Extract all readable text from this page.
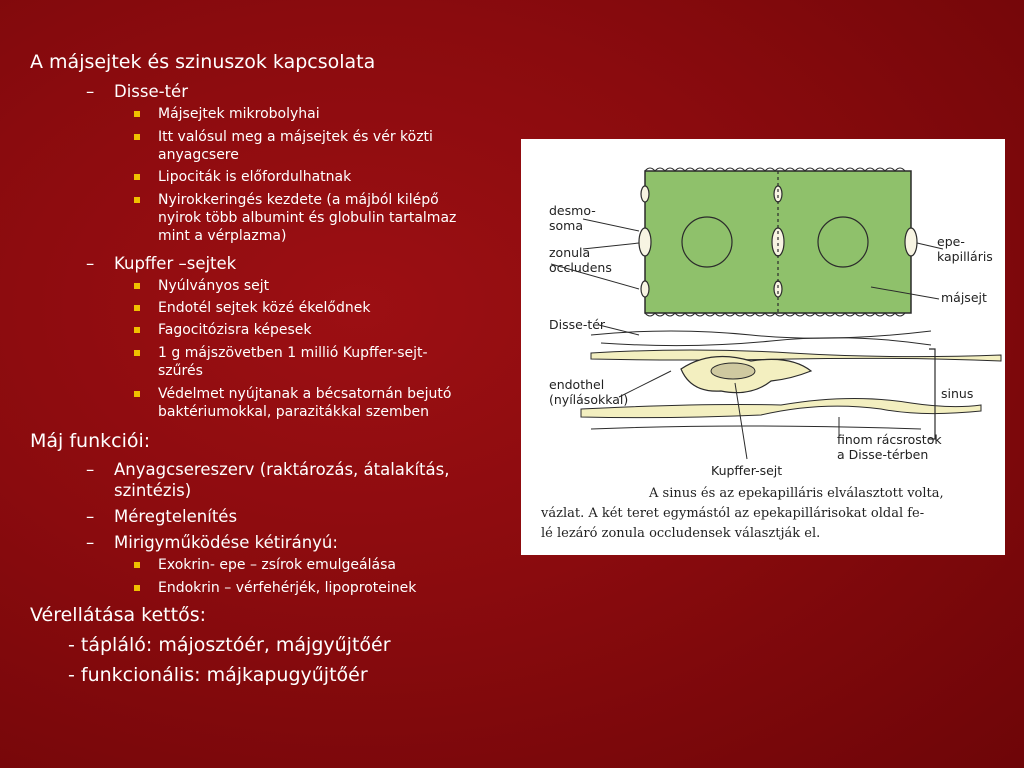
A májsejtek és szinuszok kapcsolata
– Disse-tér
Májsejtek mikrobolyhai
Itt valósul meg a májsejtek és vér közti
anyagcsere
Lipociták is előfordulhatnak
Nyirokkeringés kezdete (a májból kilépő
nyirok több albumint és globulin tartalmaz
mint a vérplazma)
– Kupffer –sejtek
Nyúlványos sejt
Endotél sejtek közé ékelődnek
Fagocitózisra képesek
1 g májszövetben 1 millió Kupffer-sejt-
szűrés
Védelmet nyújtanak a bécsatornán bejutó
baktériumokkal, parazitákkal szemben
Máj funkciói:
– Anyagcsereszerv (raktározás, átalakítás,
szintézis)
– Méregtelenítés
– Mirigyműködése kétirányú:
Exokrin- epe – zsírok emulgeálása
Endokrin – vérfehérjék, lipoproteinek
Vérellátása kettős:
- tápláló: májosztóér, májgyűjtőér
- funkcionális: májkapugyűjtőér
desmo-
soma
zonula
occludens
Disse-tér
endothel
(nyílásokkal)
Kupffer-sejt
finom rácsrostok
a Disse-térben
epe-
kapilláris
májsejt
sinus
A sinus és az epekapilláris elválasztott volta,
vázlat. A két teret egymástól az epekapillárisokat oldal fe-
lé lezáró zonula occludensek választják el.
